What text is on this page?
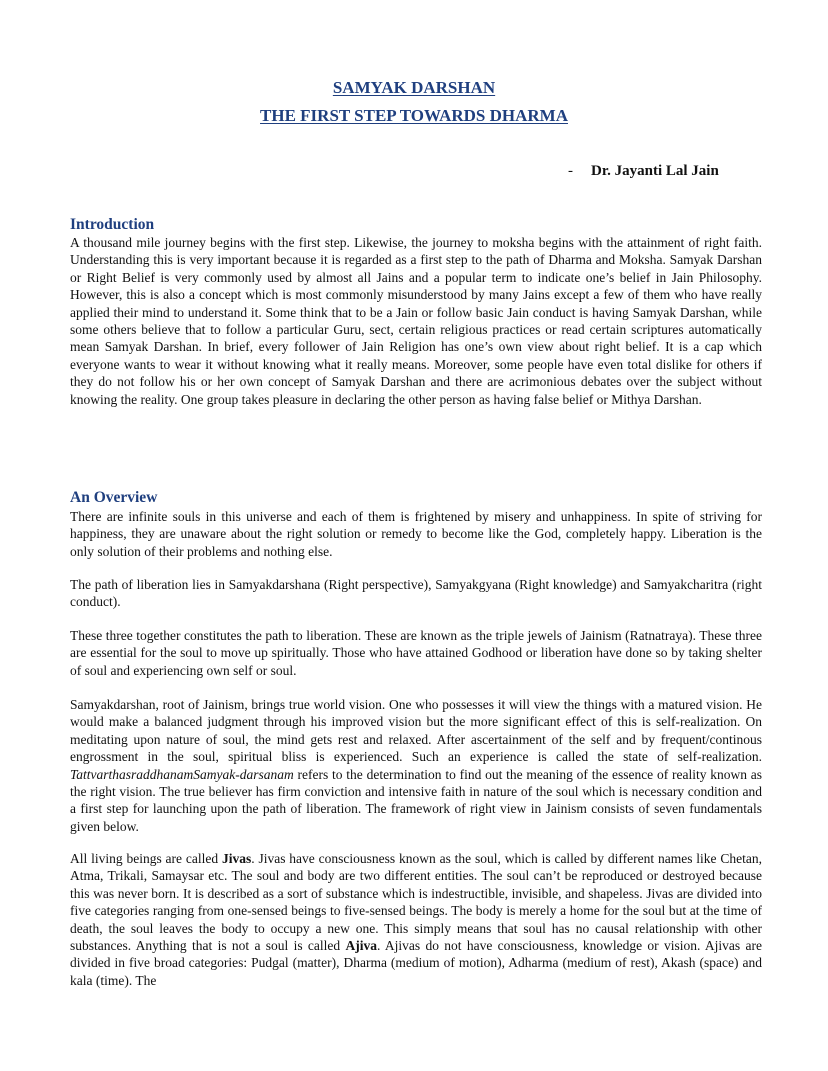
SAMYAK DARSHAN
THE FIRST STEP TOWARDS DHARMA
- Dr. Jayanti Lal Jain
Introduction
A thousand mile journey begins with the first step. Likewise, the journey to moksha begins with the attainment of right faith. Understanding this is very important because it is regarded as a first step to the path of Dharma and Moksha. Samyak Darshan or Right Belief is very commonly used by almost all Jains and a popular term to indicate one’s belief in Jain Philosophy. However, this is also a concept which is most commonly misunderstood by many Jains except a few of them who have really applied their mind to understand it. Some think that to be a Jain or follow basic Jain conduct is having Samyak Darshan, while some others believe that to follow a particular Guru, sect, certain religious practices or read certain scriptures automatically mean Samyak Darshan. In brief, every follower of Jain Religion has one’s own view about right belief. It is a cap which everyone wants to wear it without knowing what it really means. Moreover, some people have even total dislike for others if they do not follow his or her own concept of Samyak Darshan and there are acrimonious debates over the subject without knowing the reality. One group takes pleasure in declaring the other person as having false belief or Mithya Darshan.
An Overview
There are infinite souls in this universe and each of them is frightened by misery and unhappiness. In spite of striving for happiness, they are unaware about the right solution or remedy to become like the God, completely happy. Liberation is the only solution of their problems and nothing else.
The path of liberation lies in Samyakdarshana (Right perspective), Samyakgyana (Right knowledge) and Samyakcharitra (right conduct).
These three together constitutes the path to liberation. These are known as the triple jewels of Jainism (Ratnatraya). These three are essential for the soul to move up spiritually. Those who have attained Godhood or liberation have done so by taking shelter of soul and experiencing own self or soul.
Samyakdarshan, root of Jainism, brings true world vision. One who possesses it will view the things with a matured vision. He would make a balanced judgment through his improved vision but the more significant effect of this is self-realization. On meditating upon nature of soul, the mind gets rest and relaxed. After ascertainment of the self and by frequent/continous engrossment in the soul, spiritual bliss is experienced. Such an experience is called the state of self-realization. TattvarthasraddhanamSamyak-darsanam refers to the determination to find out the meaning of the essence of reality known as the right vision. The true believer has firm conviction and intensive faith in nature of the soul which is necessary condition and a first step for launching upon the path of liberation. The framework of right view in Jainism consists of seven fundamentals given below.
All living beings are called Jivas. Jivas have consciousness known as the soul, which is called by different names like Chetan, Atma, Trikali, Samaysar etc. The soul and body are two different entities. The soul can’t be reproduced or destroyed because this was never born. It is described as a sort of substance which is indestructible, invisible, and shapeless. Jivas are divided into five categories ranging from one-sensed beings to five-sensed beings. The body is merely a home for the soul but at the time of death, the soul leaves the body to occupy a new one. This simply means that soul has no causal relationship with other substances. Anything that is not a soul is called Ajiva. Ajivas do not have consciousness, knowledge or vision. Ajivas are divided in five broad categories: Pudgal (matter), Dharma (medium of motion), Adharma (medium of rest), Akash (space) and kala (time). The
